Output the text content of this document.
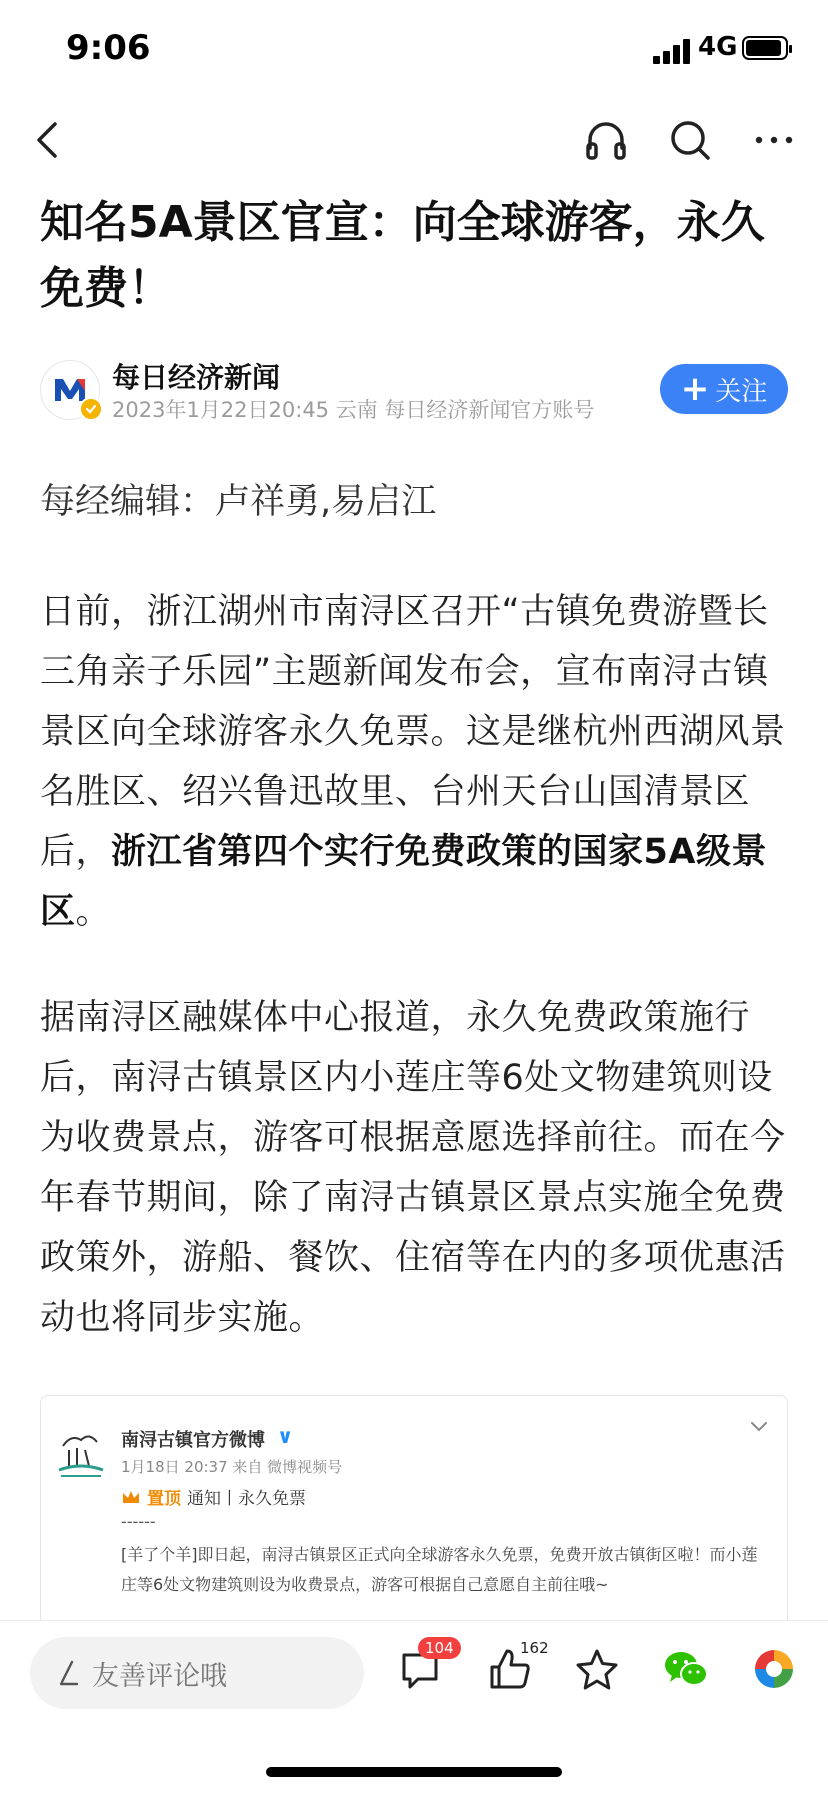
9:06	4G
知名5A景区官宣：向全球游客，永久免费！
每日经济新闻
2023年1月22日20:45 云南 每日经济新闻官方账号
+ 关注
每经编辑：卢祥勇,易启江

日前，浙江湖州市南浔区召开“古镇免费游暨长三角亲子乐园”主题新闻发布会，宣布南浔古镇景区向全球游客永久免票。这是继杭州西湖风景名胜区、绍兴鲁迅故里、台州天台山国清景区后，浙江省第四个实行免费政策的国家5A级景区。

据南浔区融媒体中心报道，永久免费政策施行后，南浔古镇景区内小莲庄等6处文物建筑则设为收费景点，游客可根据意愿选择前往。而在今年春节期间，除了南浔古镇景区景点实施全免费政策外，游船、餐饮、住宿等在内的多项优惠活动也将同步实施。

南浔古镇官方微博 ∨
1月18日 20:37 来自 微博视频号
置顶 通知丨永久免票
------
[羊了个羊]即日起，南浔古镇景区正式向全球游客永久免票，免费开放古镇街区啦！而小莲庄等6处文物建筑则设为收费景点，游客可根据自己意愿自主前往哦~
友善评论哦
104	162
